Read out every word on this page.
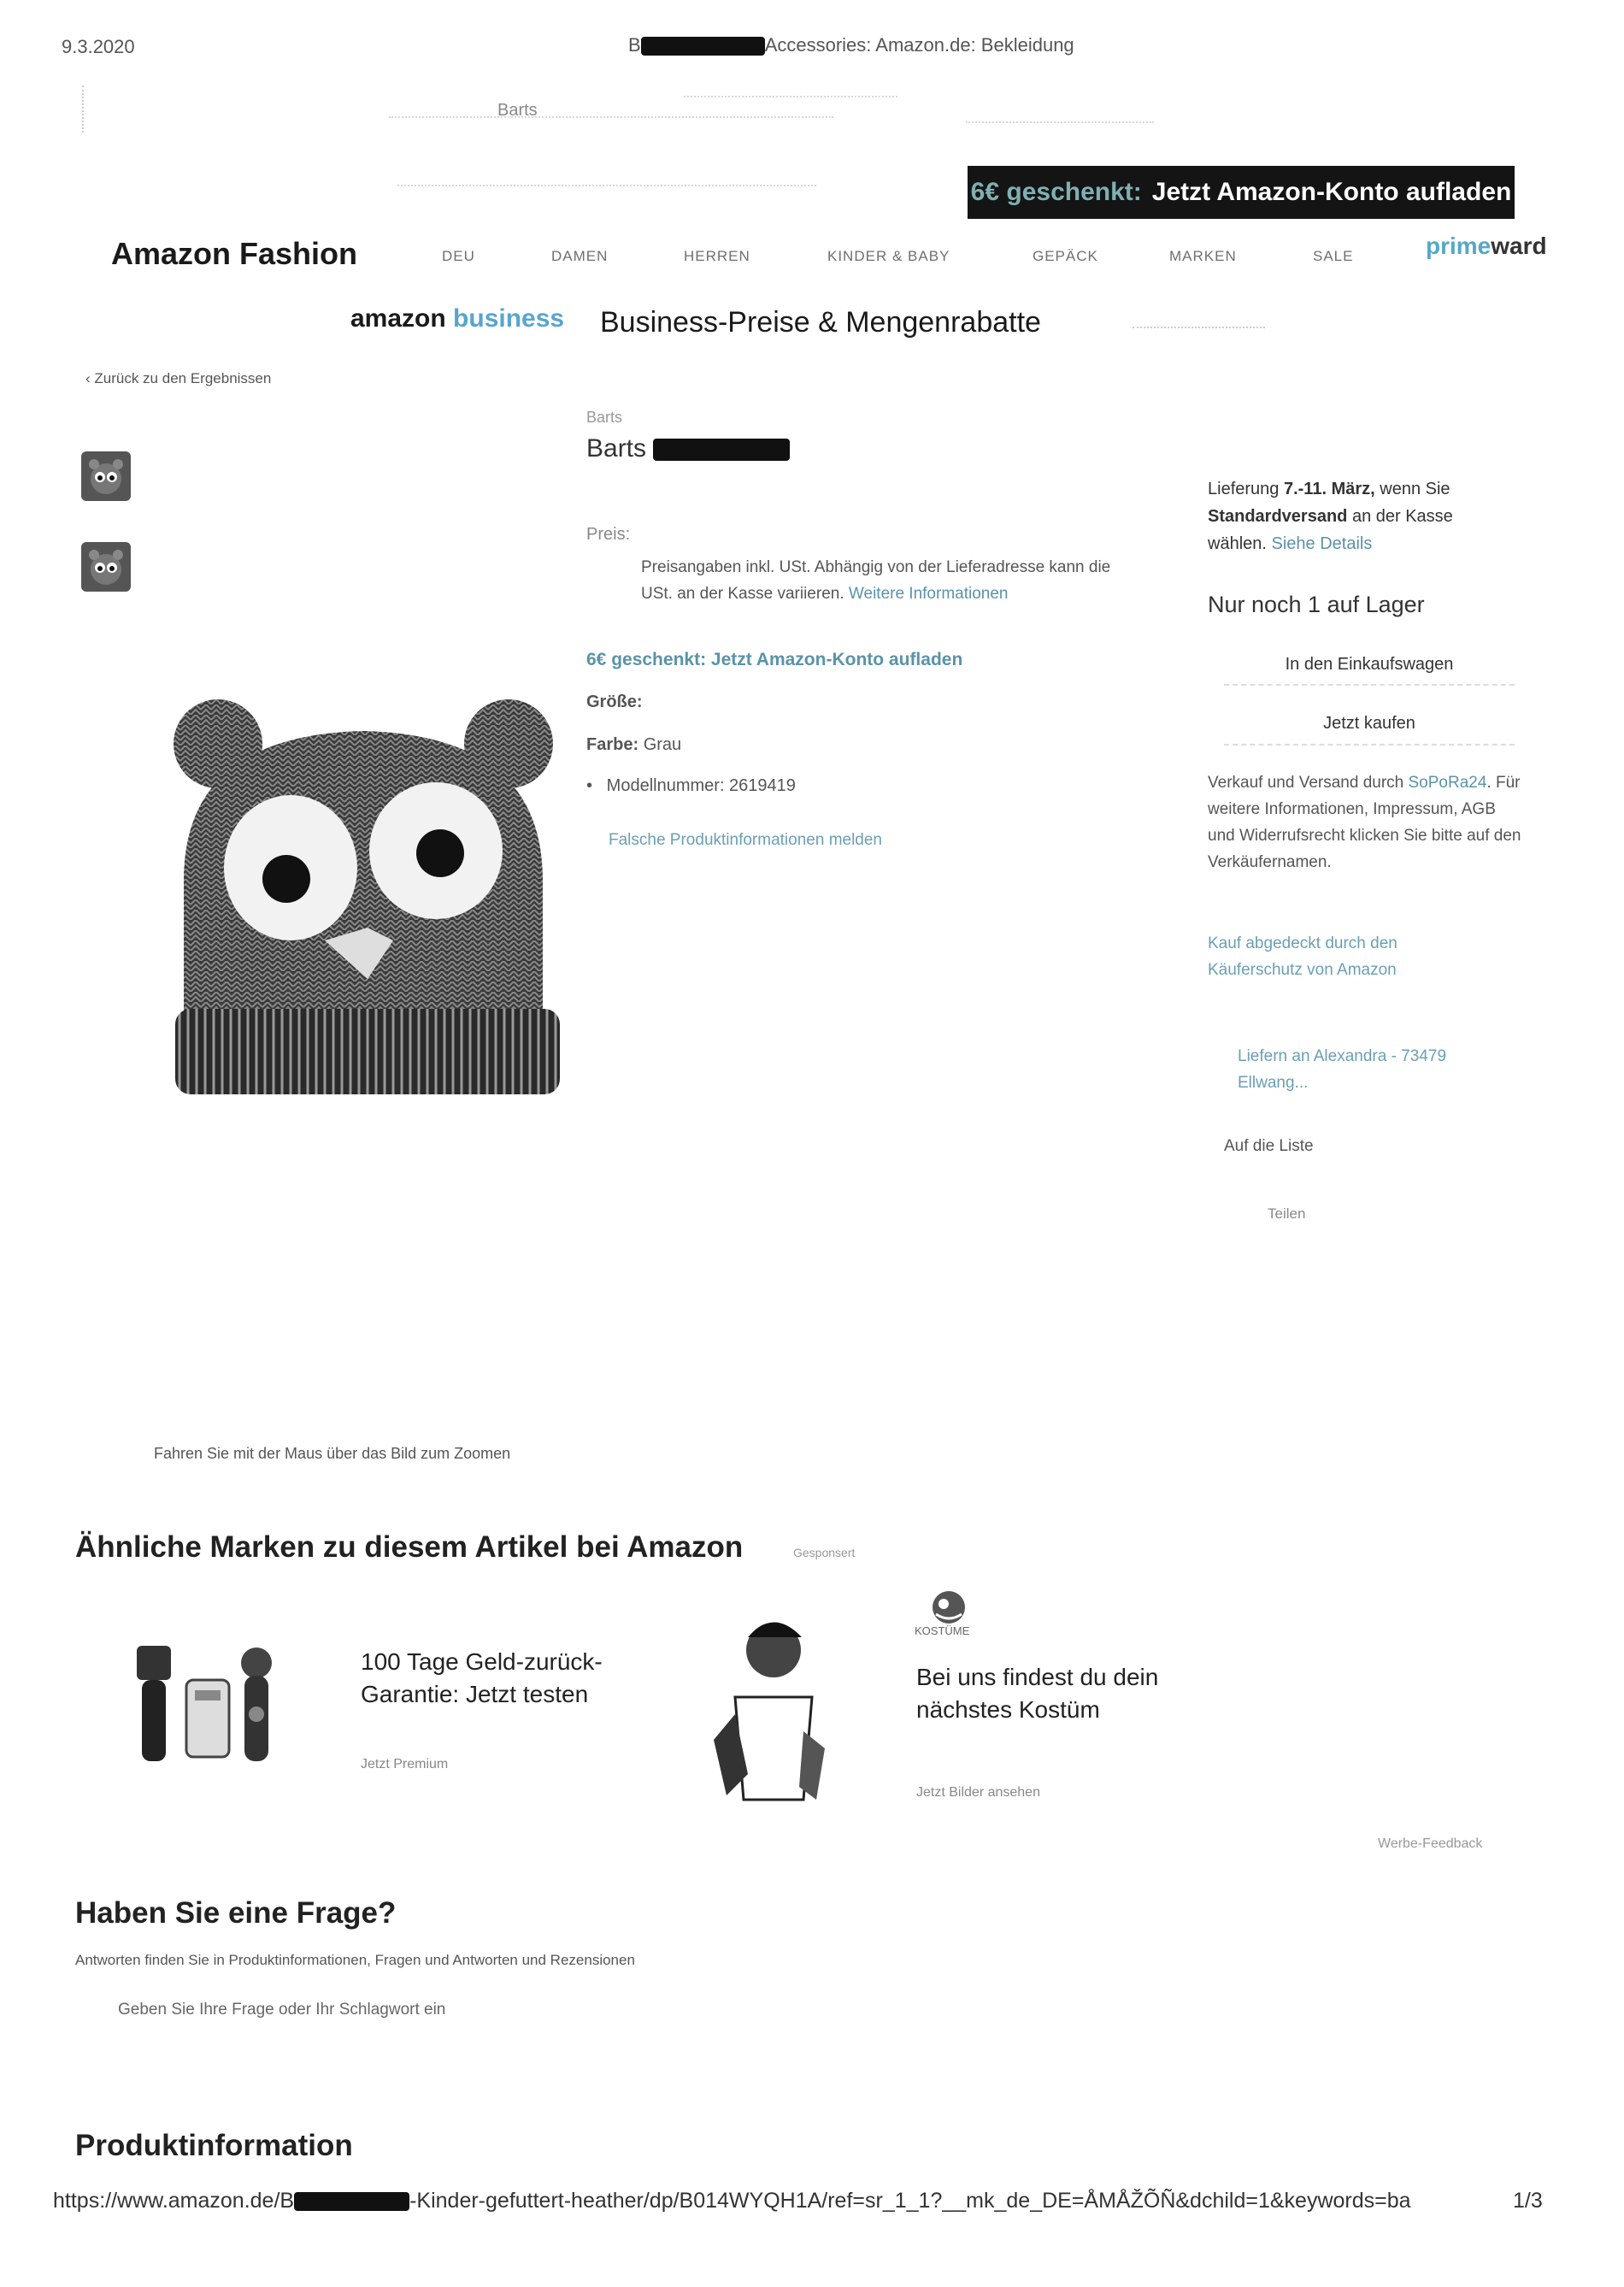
9.3.2020	B	Accessories: Amazon.de: Bekleidung
Barts
6€ geschenkt: Jetzt Amazon-Konto aufladen
Amazon Fashion	DEU	DAMEN	HERREN	KINDER & BABY	GEPÄCK	MARKEN	SALE	primeward
amazon business Business-Preise & Mengenrabatte
‹ Zurück zu den Ergebnissen
Barts
Barts
Preis:
Preisangaben inkl. USt. Abhängig von der Lieferadresse kann die USt. an der Kasse variieren. Weitere Informationen
6€ geschenkt: Jetzt Amazon-Konto aufladen
Größe:
Farbe: Grau
•   Modellnummer: 2619419
Falsche Produktinformationen melden
Lieferung 7.-11. März, wenn Sie Standardversand an der Kasse wählen. Siehe Details
Nur noch 1 auf Lager
In den Einkaufswagen
Jetzt kaufen
Verkauf und Versand durch SoPoRa24. Für weitere Informationen, Impressum, AGB und Widerrufsrecht klicken Sie bitte auf den Verkäufernamen.
Kauf abgedeckt durch den Käuferschutz von Amazon
Liefern an Alexandra - 73479 Ellwang...
Auf die Liste
Teilen
Fahren Sie mit der Maus über das Bild zum Zoomen
Ähnliche Marken zu diesem Artikel bei Amazon	Gesponsert
100 Tage Geld-zurück-Garantie: Jetzt testen
Jetzt Premium
KOSTÜME
Bei uns findest du dein nächstes Kostüm
Jetzt Bilder ansehen
Werbe-Feedback
Haben Sie eine Frage?
Antworten finden Sie in Produktinformationen, Fragen und Antworten und Rezensionen
Geben Sie Ihre Frage oder Ihr Schlagwort ein
Produktinformation
https://www.amazon.de/B	-Kinder-gefuttert-heather/dp/B014WYQH1A/ref=sr_1_1?__mk_de_DE=ÅMÅŽÕÑ&dchild=1&keywords=ba	1/3
